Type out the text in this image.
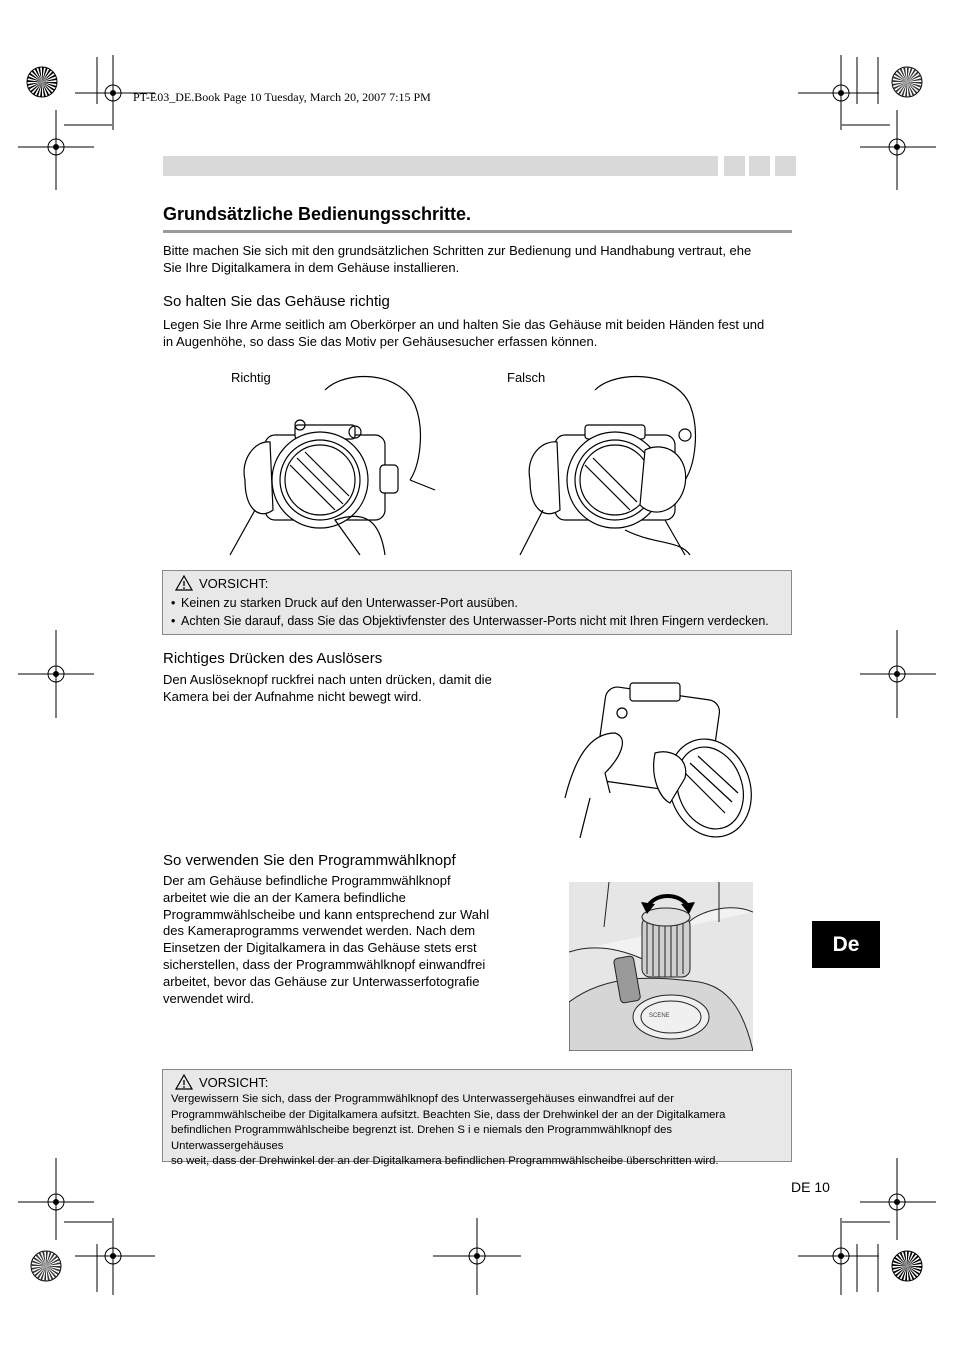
PT-E03_DE.Book Page 10 Tuesday, March 20, 2007 7:15 PM
Grundsätzliche Bedienungsschritte.
Bitte machen Sie sich mit den grundsätzlichen Schritten zur Bedienung und Handhabung vertraut, ehe
Sie Ihre Digitalkamera in dem Gehäuse installieren.
So halten Sie das Gehäuse richtig
Legen Sie Ihre Arme seitlich am Oberkörper an und halten Sie das Gehäuse mit beiden Händen fest und
in Augenhöhe, so dass Sie das Motiv per Gehäusesucher erfassen können.
Richtig	Falsch
VORSICHT:
• Keinen zu starken Druck auf den Unterwasser-Port ausüben.
• Achten Sie darauf, dass Sie das Objektivfenster des Unterwasser-Ports nicht mit Ihren Fingern verdecken.
Richtiges Drücken des Auslösers
Den Auslöseknopf ruckfrei nach unten drücken, damit die
Kamera bei der Aufnahme nicht bewegt wird.
So verwenden Sie den Programmwählknopf
Der am Gehäuse befindliche Programmwählknopf
arbeitet wie die an der Kamera befindliche
Programmwählscheibe und kann entsprechend zur Wahl
des Kameraprogramms verwendet werden. Nach dem
Einsetzen der Digitalkamera in das Gehäuse stets erst
sicherstellen, dass der Programmwählknopf einwandfrei
arbeitet, bevor das Gehäuse zur Unterwasserfotografie
verwendet wird.
SCENE
VORSICHT:
Vergewissern Sie sich, dass der Programmwählknopf des Unterwassergehäuses einwandfrei auf der
Programmwählscheibe der Digitalkamera aufsitzt. Beachten Sie, dass der Drehwinkel der an der Digitalkamera
befindlichen Programmwählscheibe begrenzt ist. Drehen S i e niemals den Programmwählknopf des Unterwassergehäuses
so weit, dass der Drehwinkel der an der Digitalkamera befindlichen Programmwählscheibe überschritten wird.
De
DE 10
